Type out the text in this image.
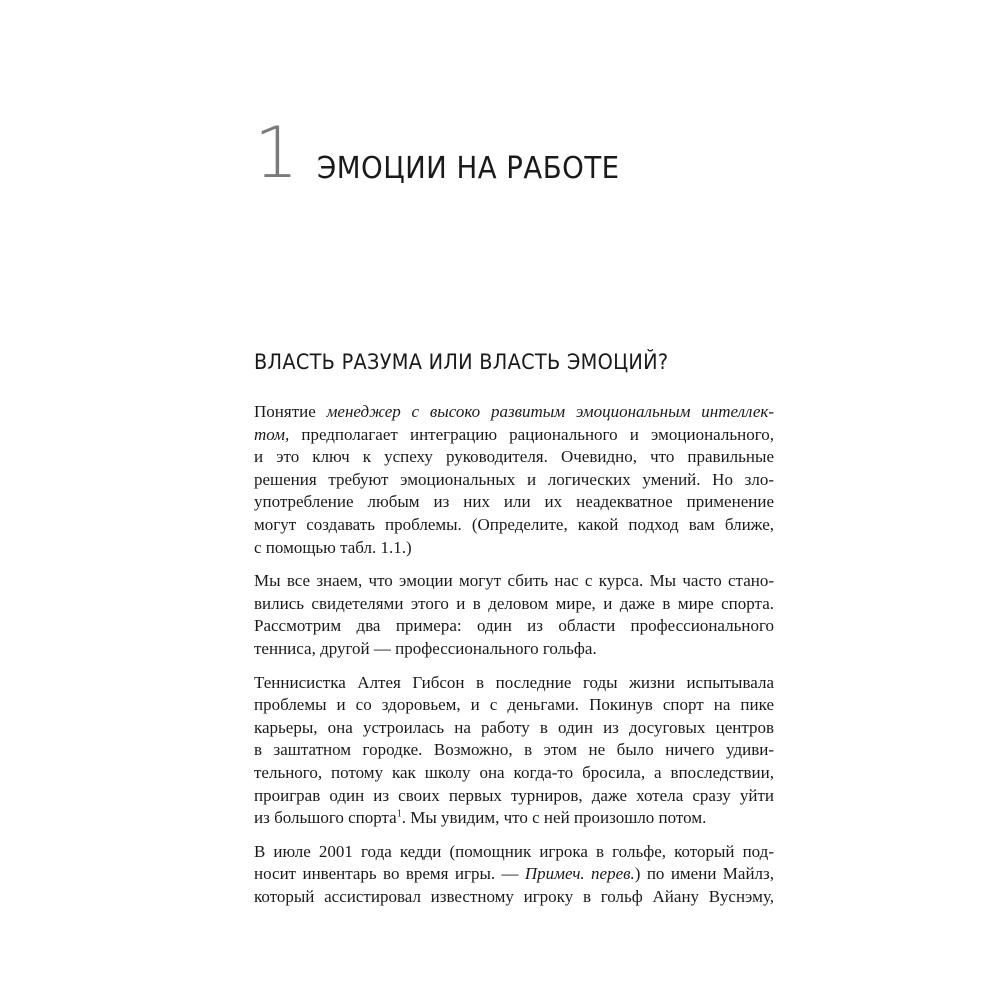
1 ЭМОЦИИ НА РАБОТЕ
ВЛАСТЬ РАЗУМА ИЛИ ВЛАСТЬ ЭМОЦИЙ?
Понятие менеджер с высоко развитым эмоциональным интеллек-
том, предполагает интеграцию рационального и эмоционального,
и это ключ к успеху руководителя. Очевидно, что правильные
решения требуют эмоциональных и логических умений. Но зло-
употребление любым из них или их неадекватное применение
могут создавать проблемы. (Определите, какой подход вам ближе,
с помощью табл. 1.1.)
Мы все знаем, что эмоции могут сбить нас с курса. Мы часто стано-
вились свидетелями этого и в деловом мире, и даже в мире спорта.
Рассмотрим два примера: один из области профессионального
тенниса, другой — профессионального гольфа.
Теннисистка Алтея Гибсон в последние годы жизни испытывала
проблемы и со здоровьем, и с деньгами. Покинув спорт на пике
карьеры, она устроилась на работу в один из досуговых центров
в заштатном городке. Возможно, в этом не было ничего удиви-
тельного, потому как школу она когда-то бросила, а впоследствии,
проиграв один из своих первых турниров, даже хотела сразу уйти
из большого спорта$^1$. Мы увидим, что с ней произошло потом.
В июле 2001 года кедди (помощник игрока в гольфе, который под-
носит инвентарь во время игры. — Примеч. перев.) по имени Майлз,
который ассистировал известному игроку в гольф Айану Вуснэму,
